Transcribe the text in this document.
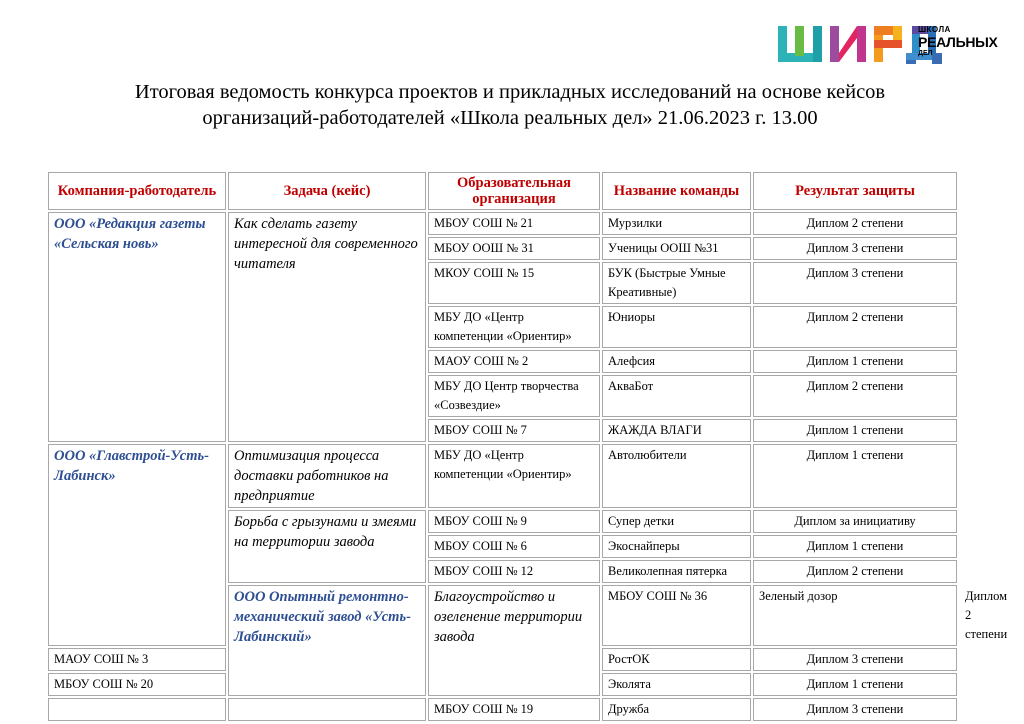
ШКОЛА
РЕАЛЬНЫХ
ДЕЛ
Итоговая ведомость конкурса проектов и прикладных исследований на основе кейсов
организаций-работодателей «Школа реальных дел» 21.06.2023 г. 13.00
Компания-работодатель	Задача (кейс)	Образовательная организация	Название команды	Результат защиты	
ООО «Редакция газеты «Сельская новь»	Как сделать газету интересной для современного читателя	МБОУ СОШ № 21	Мурзилки	Диплом 2 степени	
		МБОУ ООШ № 31	Ученицы ООШ №31	Диплом 3 степени	
		МКОУ СОШ № 15	БУК (Быстрые Умные Креативные)	Диплом 3 степени	
		МБУ ДО «Центр компетенции «Ориентир»	Юниоры	Диплом 2 степени	
		МАОУ СОШ № 2	Алефсия	Диплом 1 степени	
		МБУ ДО Центр творчества «Созвездие»	АкваБот	Диплом 2 степени	
		МБОУ СОШ № 7	ЖАЖДА ВЛАГИ	Диплом 1 степени	
ООО «Главстрой-Усть-Лабинск»	Оптимизация процесса доставки работников на предприятие	МБУ ДО «Центр компетенции «Ориентир»	Автолюбители	Диплом 1 степени	
	Борьба с грызунами и змеями на территории завода	МБОУ СОШ № 9	Супер детки	Диплом за инициативу	
		МБОУ СОШ № 6	Экоснайперы	Диплом 1 степени	
		МБОУ СОШ № 12	Великолепная пятерка	Диплом 2 степени	
	ООО Опытный ремонтно-механический завод «Усть-Лабинский»	Благоустройство и озеленение территории завода	МБОУ СОШ № 36	Зеленый дозор	Диплом 2 степени
МАОУ СОШ № 3			РостОК	Диплом 3 степени	
МБОУ СОШ № 20			Эколята	Диплом 1 степени	
		МБОУ СОШ № 19	Дружба	Диплом 3 степени	
